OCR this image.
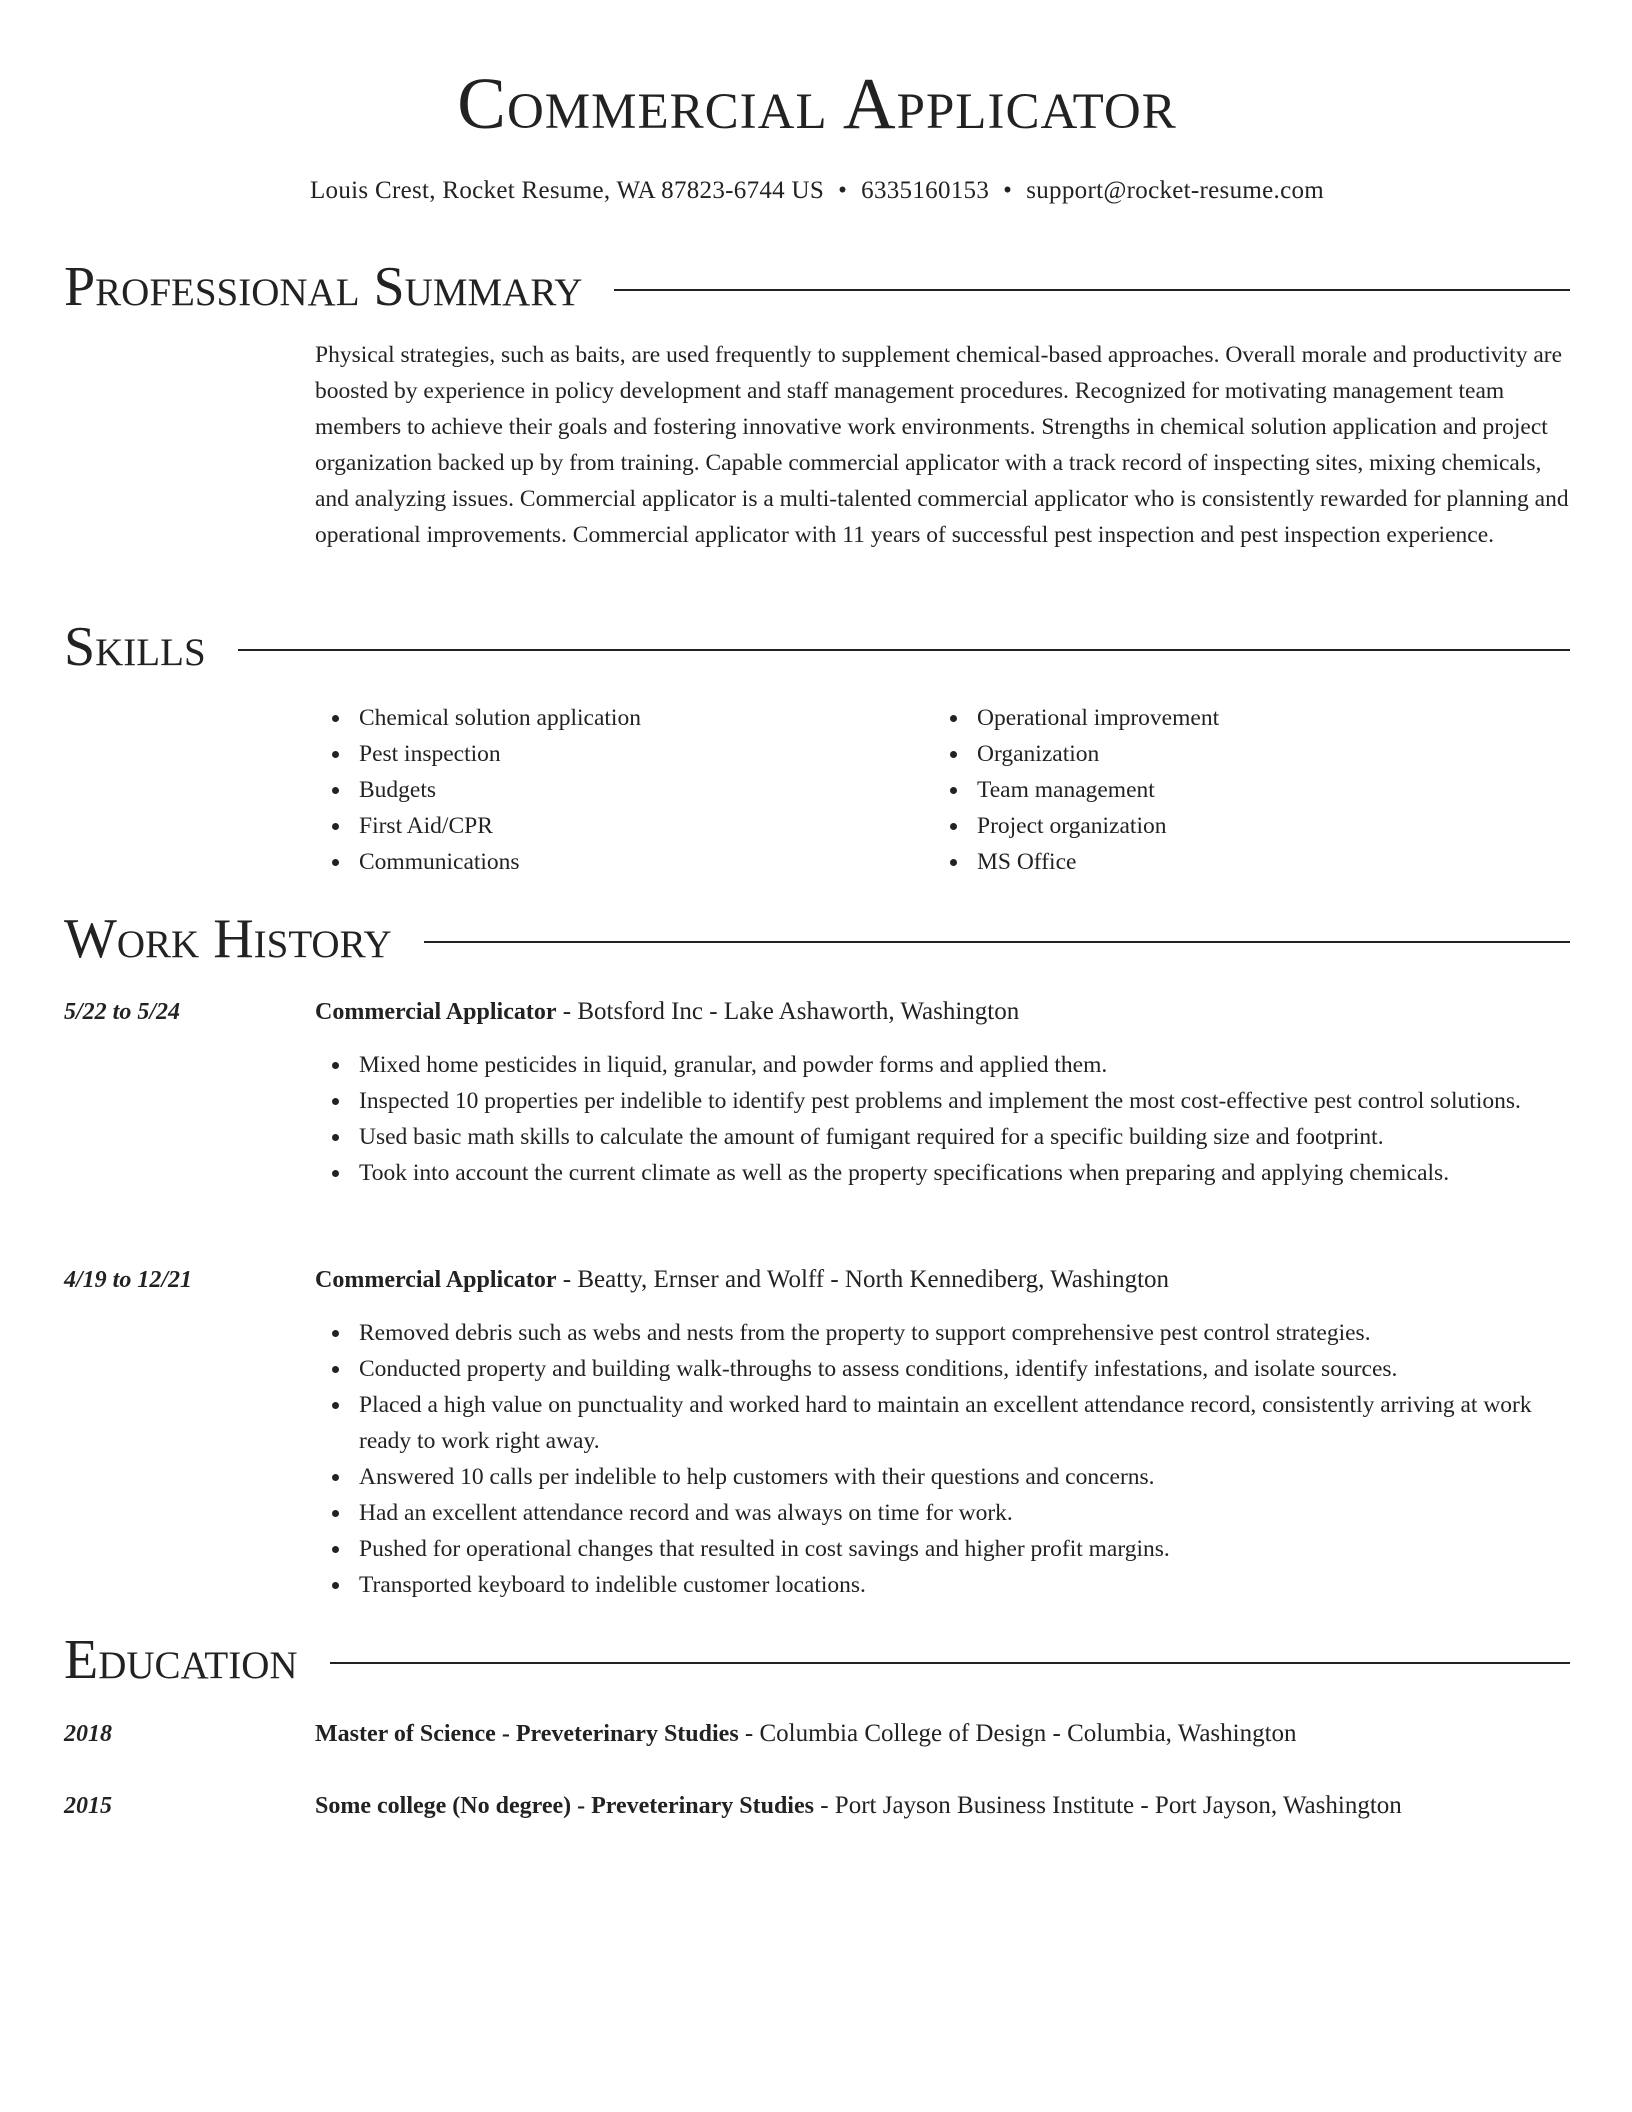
Commercial Applicator
Louis Crest, Rocket Resume, WA 87823-6744 US • 6335160153 • support@rocket-resume.com
Professional Summary

Physical strategies, such as baits, are used frequently to supplement chemical-based approaches. Overall morale and productivity are boosted by experience in policy development and staff management procedures. Recognized for motivating management team members to achieve their goals and fostering innovative work environments. Strengths in chemical solution application and project organization backed up by from training. Capable commercial applicator with a track record of inspecting sites, mixing chemicals, and analyzing issues. Commercial applicator is a multi-talented commercial applicator who is consistently rewarded for planning and operational improvements. Commercial applicator with 11 years of successful pest inspection and pest inspection experience.

Skills
Chemical solution application
Pest inspection
Budgets
First Aid/CPR
Communications
Operational improvement
Organization
Team management
Project organization
MS Office
Work History
5/22 to 5/24	Commercial Applicator - Botsford Inc - Lake Ashaworth, Washington
Mixed home pesticides in liquid, granular, and powder forms and applied them.
Inspected 10 properties per indelible to identify pest problems and implement the most cost-effective pest control solutions.
Used basic math skills to calculate the amount of fumigant required for a specific building size and footprint.
Took into account the current climate as well as the property specifications when preparing and applying chemicals.
4/19 to 12/21	Commercial Applicator - Beatty, Ernser and Wolff - North Kennediberg, Washington
Removed debris such as webs and nests from the property to support comprehensive pest control strategies.
Conducted property and building walk-throughs to assess conditions, identify infestations, and isolate sources.
Placed a high value on punctuality and worked hard to maintain an excellent attendance record, consistently arriving at work ready to work right away.
Answered 10 calls per indelible to help customers with their questions and concerns.
Had an excellent attendance record and was always on time for work.
Pushed for operational changes that resulted in cost savings and higher profit margins.
Transported keyboard to indelible customer locations.
Education
2018	Master of Science - Preveterinary Studies - Columbia College of Design - Columbia, Washington
2015	Some college (No degree) - Preveterinary Studies - Port Jayson Business Institute - Port Jayson, Washington
